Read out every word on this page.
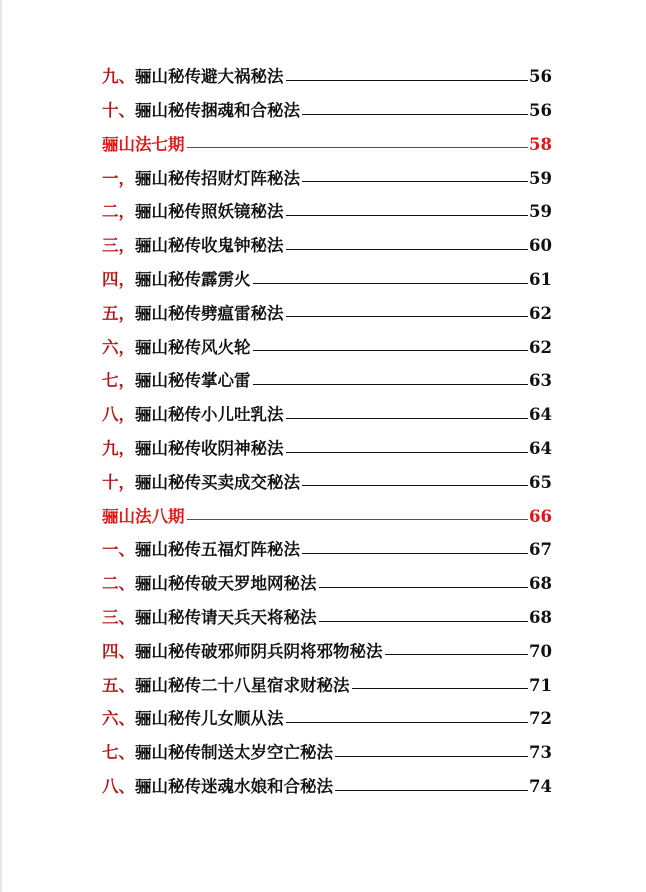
九、 骊山秘传避大祸秘法	56
十、 骊山秘传捆魂和合秘法	56
骊山法七期	58
一， 骊山秘传招财灯阵秘法	59
二， 骊山秘传照妖镜秘法	59
三， 骊山秘传收鬼钟秘法	60
四， 骊山秘传霹雳火	61
五， 骊山秘传劈瘟雷秘法	62
六， 骊山秘传风火轮	62
七， 骊山秘传掌心雷	63
八， 骊山秘传小儿吐乳法	64
九， 骊山秘传收阴神秘法	64
十， 骊山秘传买卖成交秘法	65
骊山法八期	66
一、 骊山秘传五福灯阵秘法	67
二、 骊山秘传破天罗地网秘法	68
三、 骊山秘传请天兵天将秘法	68
四、 骊山秘传破邪师阴兵阴将邪物秘法	70
五、 骊山秘传二十八星宿求财秘法	71
六、 骊山秘传儿女顺从法	72
七、 骊山秘传制送太岁空亡秘法	73
八、 骊山秘传迷魂水娘和合秘法	74
